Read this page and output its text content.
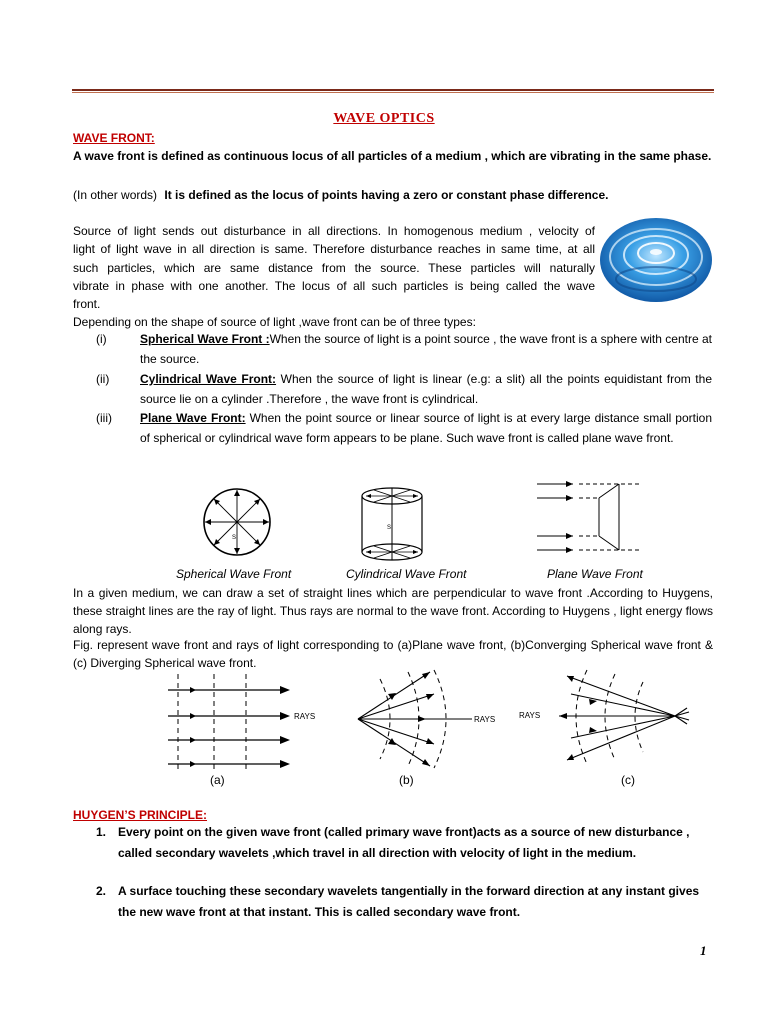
WAVE OPTICS
WAVE FRONT:
A wave front is defined as continuous locus of all particles of a medium , which are vibrating in the same phase.
(In other words) It is defined as the locus of points having a zero or constant phase difference.
Source of light sends out disturbance in all directions. In homogenous medium , velocity of
light of light wave in all direction is same. Therefore disturbance reaches in same time, at all
such particles, which are same distance from the source. These particles will naturally
vibrate in phase with one another. The locus of all such particles is being called the wave
front.
Depending on the shape of source of light ,wave front can be of three types:
(i)	Spherical Wave Front :When the source of light is a point source , the wave front is a sphere with centre at the source.
(ii)	Cylindrical Wave Front: When the source of light is linear (e.g: a slit) all the points equidistant from the source lie on a cylinder .Therefore , the wave front is cylindrical.
(iii)	Plane Wave Front: When the point source or linear source of light is at every large distance small portion of spherical or cylindrical wave form appears to be plane. Such wave front is called plane wave front.
S
S
Spherical Wave Front	Cylindrical Wave Front	Plane Wave Front
In a given medium, we can draw a set of straight lines which are perpendicular to wave front .According to Huygens, these straight lines are the ray of light. Thus rays are normal to the wave front. According to Huygens , light energy flows along rays.
Fig. represent wave front and rays of light corresponding to (a)Plane wave front, (b)Converging Spherical wave front & (c) Diverging Spherical wave front.
RAYS	RAYS	RAYS
(a)	(b)	(c)
HUYGEN’S PRINCIPLE:
1. Every point on the given wave front (called primary wave front)acts as a source of new disturbance , called secondary wavelets ,which travel in all direction with velocity of light in the medium.
2. A surface touching these secondary wavelets tangentially in the forward direction at any instant gives the new wave front at that instant. This is called secondary wave front.
1
